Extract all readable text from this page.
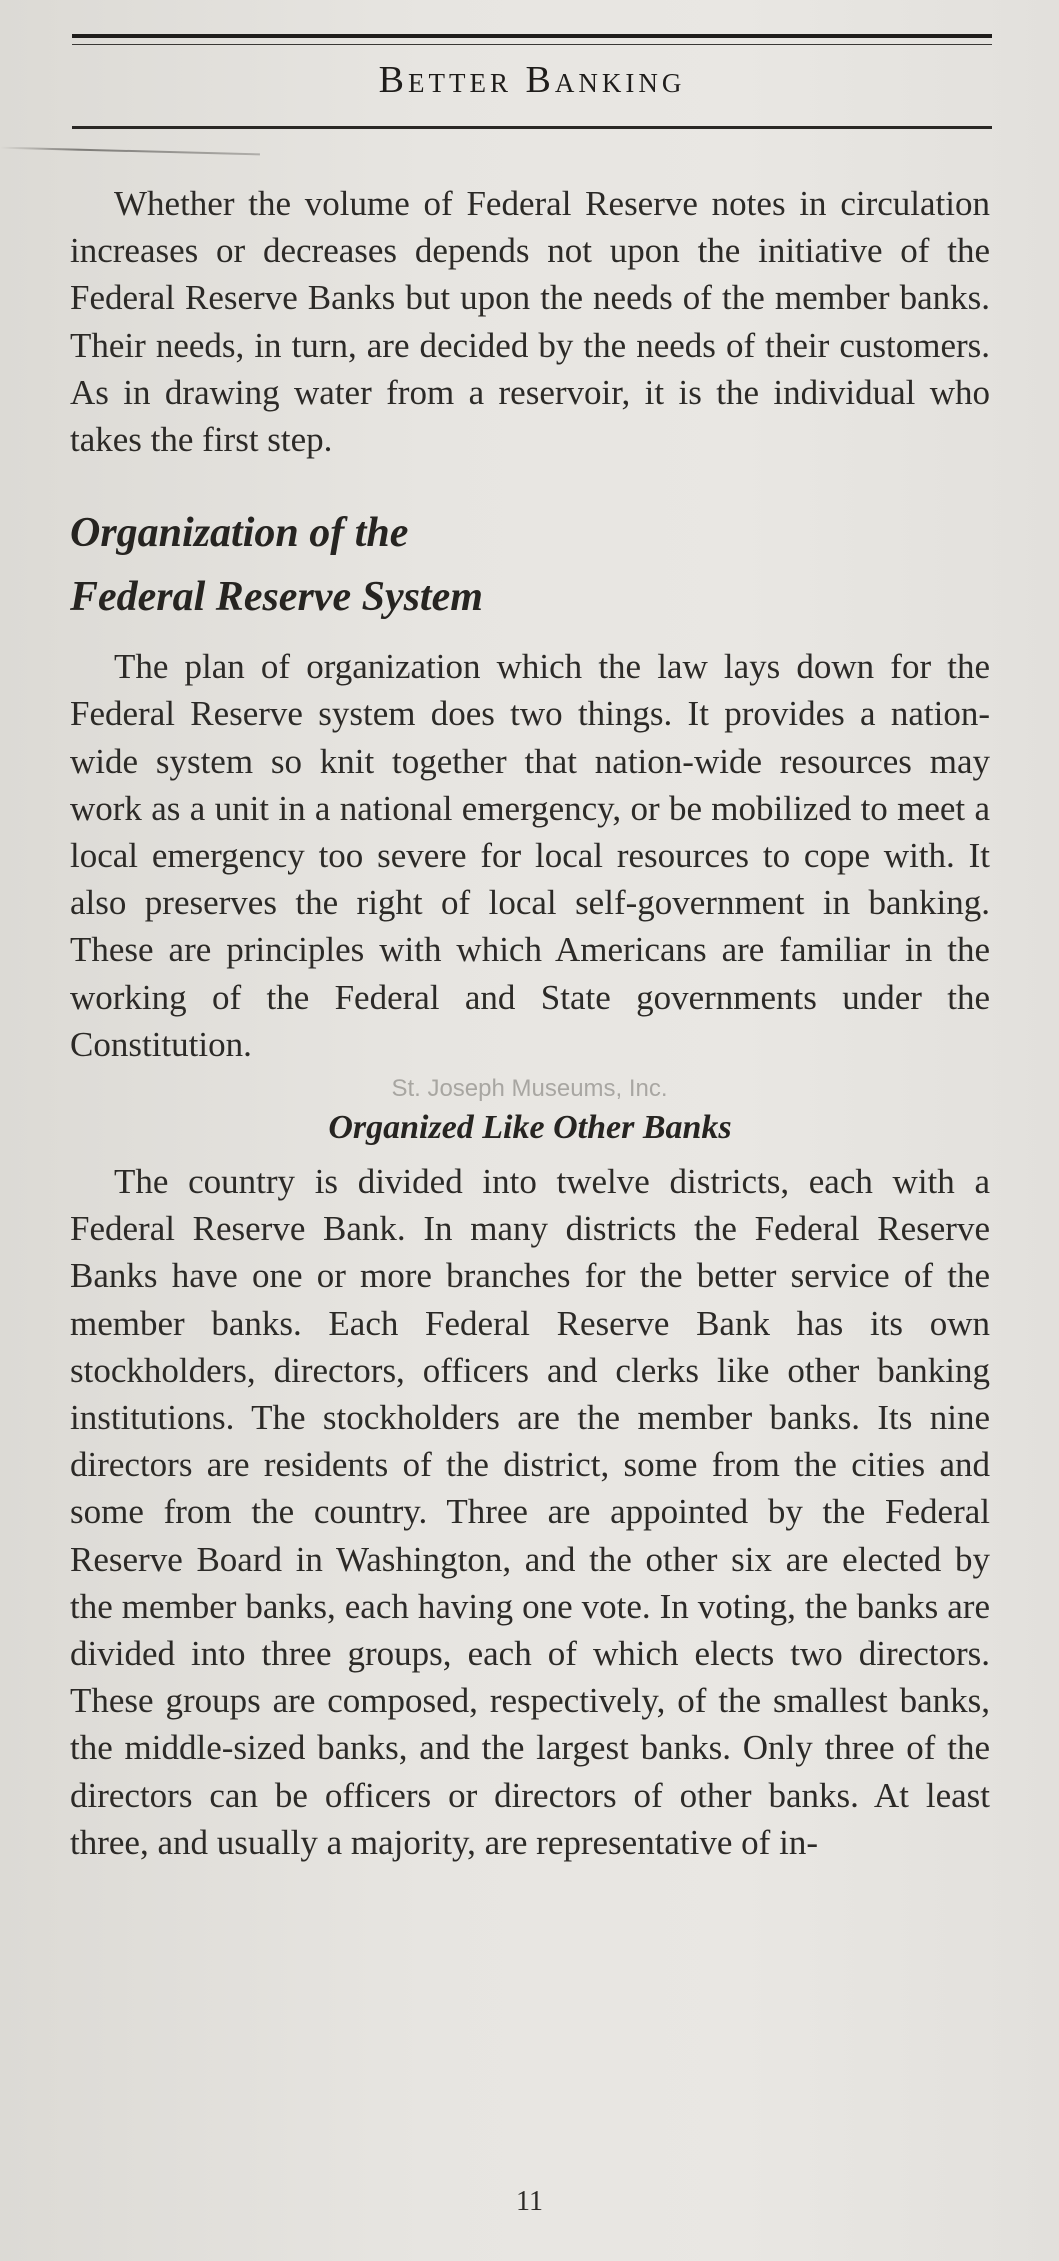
Better Banking

Whether the volume of Federal Reserve notes in circulation increases or decreases depends not upon the initiative of the Federal Reserve Banks but upon the needs of the member banks. Their needs, in turn, are decided by the needs of their customers. As in drawing water from a reservoir, it is the individual who takes the first step.

Organization of the
Federal Reserve System

The plan of organization which the law lays down for the Federal Reserve system does two things. It provides a nation-wide system so knit together that nation-wide resources may work as a unit in a national emergency, or be mobilized to meet a local emergency too severe for local resources to cope with. It also preserves the right of local self-government in banking. These are principles with which Americans are familiar in the working of the Federal and State governments under the Constitution.

Organized Like Other Banks

The country is divided into twelve districts, each with a Federal Reserve Bank. In many districts the Federal Reserve Banks have one or more branches for the better service of the member banks. Each Federal Reserve Bank has its own stockholders, directors, officers and clerks like other banking institutions. The stockholders are the member banks. Its nine directors are residents of the district, some from the cities and some from the country. Three are appointed by the Federal Reserve Board in Washington, and the other six are elected by the member banks, each having one vote. In voting, the banks are divided into three groups, each of which elects two directors. These groups are composed, respectively, of the smallest banks, the middle-sized banks, and the largest banks. Only three of the directors can be officers or directors of other banks. At least three, and usually a majority, are representative of in-

St. Joseph Museums, Inc.
11
